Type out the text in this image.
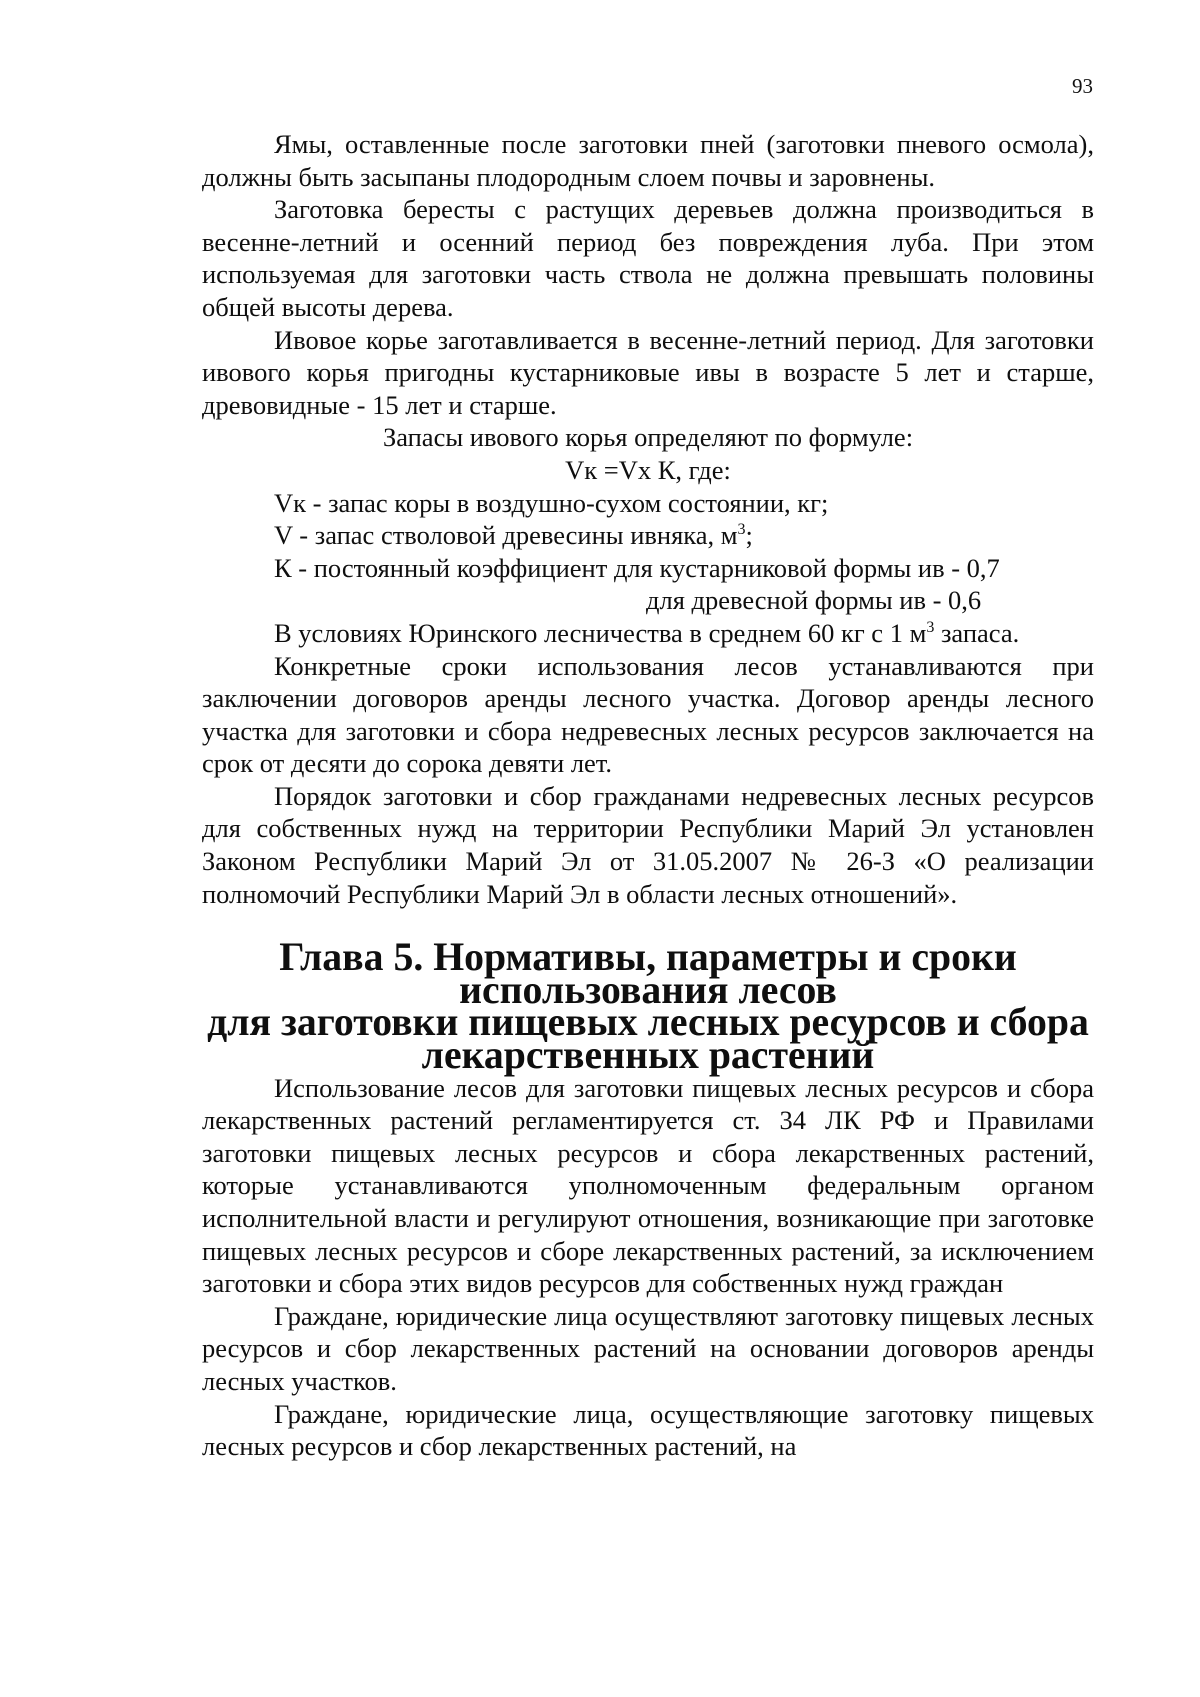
93

Ямы, оставленные после заготовки пней (заготовки пневого осмола), должны быть засыпаны плодородным слоем почвы и заровнены.

Заготовка бересты с растущих деревьев должна производиться в весенне-летний и осенний период без повреждения луба. При этом используемая для заготовки часть ствола не должна превышать половины общей высоты дерева.

Ивовое корье заготавливается в весенне-летний период. Для заготовки ивового корья пригодны кустарниковые ивы в возрасте 5 лет и старше, древовидные - 15 лет и старше.

Запасы ивового корья определяют по формуле:

Vк =Vх К, где:

Vк - запас коры в воздушно-сухом состоянии, кг;

V - запас стволовой древесины ивняка, $м^3$;

К - постоянный коэффициент для кустарниковой формы ив - 0,7

для древесной формы ив - 0,6

В условиях Юринского лесничества в среднем 60 кг с 1 $м^3$ запаса.

Конкретные сроки использования лесов устанавливаются при заключении договоров аренды лесного участка. Договор аренды лесного участка для заготовки и сбора недревесных лесных ресурсов заключается на срок от десяти до сорока девяти лет.

Порядок заготовки и сбор гражданами недревесных лесных ресурсов для собственных нужд на территории Республики Марий Эл установлен Законом Республики Марий Эл от 31.05.2007 № 26-З «О реализации полномочий Республики Марий Эл в области лесных отношений».

Глава 5. Нормативы, параметры и сроки использования лесов
для заготовки пищевых лесных ресурсов и сбора
лекарственных растений

Использование лесов для заготовки пищевых лесных ресурсов и сбора лекарственных растений регламентируется ст. 34 ЛК РФ и Правилами заготовки пищевых лесных ресурсов и сбора лекарственных растений, которые устанавливаются уполномоченным федеральным органом исполнительной власти и регулируют отношения, возникающие при заготовке пищевых лесных ресурсов и сборе лекарственных растений, за исключением заготовки и сбора этих видов ресурсов для собственных нужд граждан

Граждане, юридические лица осуществляют заготовку пищевых лесных ресурсов и сбор лекарственных растений на основании договоров аренды лесных участков.

Граждане, юридические лица, осуществляющие заготовку пищевых лесных ресурсов и сбор лекарственных растений, на
